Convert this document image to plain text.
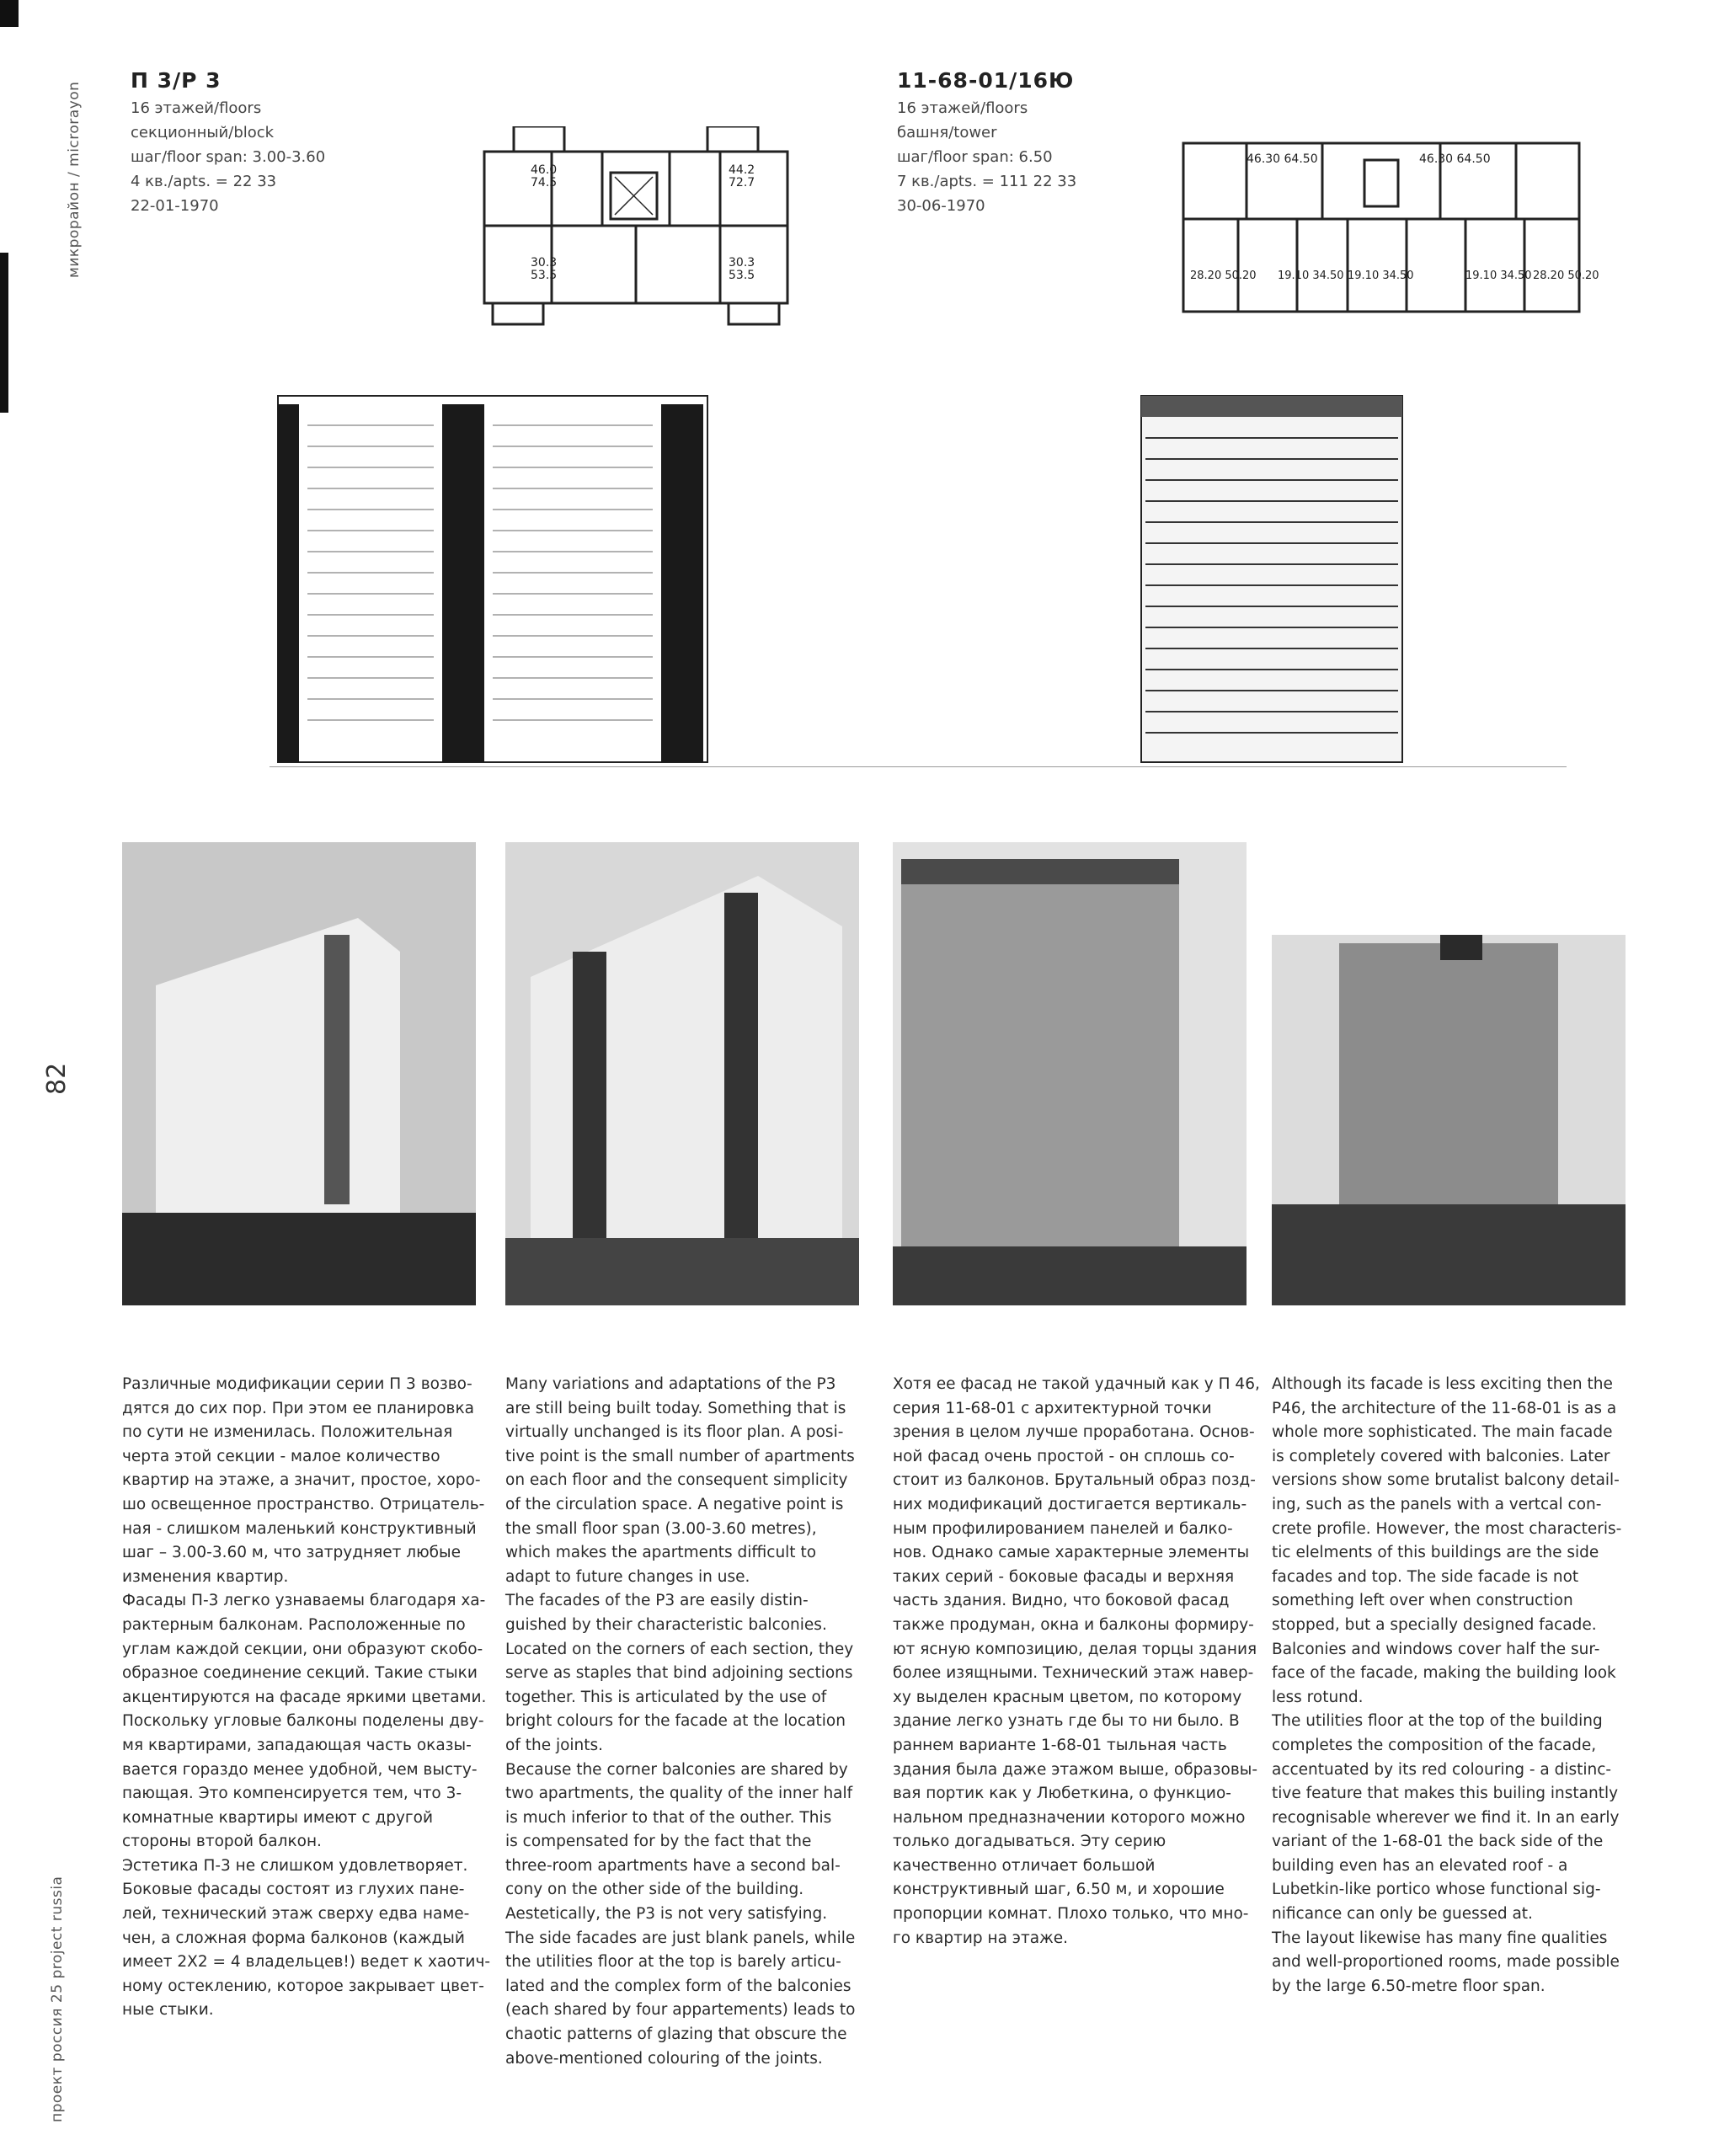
микрорайон / microrayon
82
проект россия 25 project russia
П 3/Р 3
16 этажей/floors
секционный/block
шаг/floor span: 3.00-3.60
4 кв./apts. = 22 33
22-01-1970
11-68-01/16Ю
16 этажей/floors
башня/tower
шаг/floor span: 6.50
7 кв./apts. = 111 22 33
30-06-1970
46.0 74.5
44.2 72.7
30.3 53.5
30.3 53.5
46.30 64.50	46.30 64.50
28.20 50.20 19.10 34.50 19.10 34.50	19.10 34.50 28.20 50.20
Различные модификации серии П 3 возво-
дятся до сих пор. При этом ее планировка
по сути не изменилась. Положительная
черта этой секции - малое количество
квартир на этаже, а значит, простое, хоро-
шо освещенное пространство. Отрицатель-
ная - слишком маленький конструктивный
шаг – 3.00-3.60 м, что затрудняет любые
изменения квартир.
Фасады П-3 легко узнаваемы благодаря ха-
рактерным балконам. Расположенные по
углам каждой секции, они образуют скобо-
образное соединение секций. Такие стыки
акцентируются на фасаде яркими цветами.
Поскольку угловые балконы поделены дву-
мя квартирами, западающая часть оказы-
вается гораздо менее удобной, чем высту-
пающая. Это компенсируется тем, что 3-
комнатные квартиры имеют с другой
стороны второй балкон.
Эстетика П-3 не слишком удовлетворяет.
Боковые фасады состоят из глухих пане-
лей, технический этаж сверху едва наме-
чен, а сложная форма балконов (каждый
имеет 2Х2 = 4 владельцев!) ведет к хаотич-
ному остеклению, которое закрывает цвет-
ные стыки.
Many variations and adaptations of the P3
are still being built today. Something that is
virtually unchanged is its floor plan. A posi-
tive point is the small number of apartments
on each floor and the consequent simplicity
of the circulation space. A negative point is
the small floor span (3.00-3.60 metres),
which makes the apartments difficult to
adapt to future changes in use.
The facades of the P3 are easily distin-
guished by their characteristic balconies.
Located on the corners of each section, they
serve as staples that bind adjoining sections
together. This is articulated by the use of
bright colours for the facade at the location
of the joints.
Because the corner balconies are shared by
two apartments, the quality of the inner half
is much inferior to that of the outher. This
is compensated for by the fact that the
three-room apartments have a second bal-
cony on the other side of the building.
Aestetically, the P3 is not very satisfying.
The side facades are just blank panels, while
the utilities floor at the top is barely articu-
lated and the complex form of the balconies
(each shared by four appartements) leads to
chaotic patterns of glazing that obscure the
above-mentioned colouring of the joints.
Хотя ее фасад не такой удачный как у П 46,
серия 11-68-01 с архитектурной точки
зрения в целом лучше проработана. Основ-
ной фасад очень простой - он сплошь со-
стоит из балконов. Брутальный образ позд-
них модификаций достигается вертикаль-
ным профилированием панелей и балко-
нов. Однако самые характерные элементы
таких серий - боковые фасады и верхняя
часть здания. Видно, что боковой фасад
также продуман, окна и балконы формиру-
ют ясную композицию, делая торцы здания
более изящными. Технический этаж навер-
ху выделен красным цветом, по которому
здание легко узнать где бы то ни было. В
раннем варианте 1-68-01 тыльная часть
здания была даже этажом выше, образовы-
вая портик как у Любеткина, о функцио-
нальном предназначении которого можно
только догадываться. Эту серию
качественно отличает большой
конструктивный шаг, 6.50 м, и хорошие
пропорции комнат. Плохо только, что мно-
го квартир на этаже.
Although its facade is less exciting then the
P46, the architecture of the 11-68-01 is as a
whole more sophisticated. The main facade
is completely covered with balconies. Later
versions show some brutalist balcony detail-
ing, such as the panels with a vertcal con-
crete profile. However, the most characteris-
tic elelments of this buildings are the side
facades and top. The side facade is not
something left over when construction
stopped, but a specially designed facade.
Balconies and windows cover half the sur-
face of the facade, making the building look
less rotund.
The utilities floor at the top of the building
completes the composition of the facade,
accentuated by its red colouring - a distinc-
tive feature that makes this builing instantly
recognisable wherever we find it. In an early
variant of the 1-68-01 the back side of the
building even has an elevated roof - a
Lubetkin-like portico whose functional sig-
nificance can only be guessed at.
The layout likewise has many fine qualities
and well-proportioned rooms, made possible
by the large 6.50-metre floor span.
